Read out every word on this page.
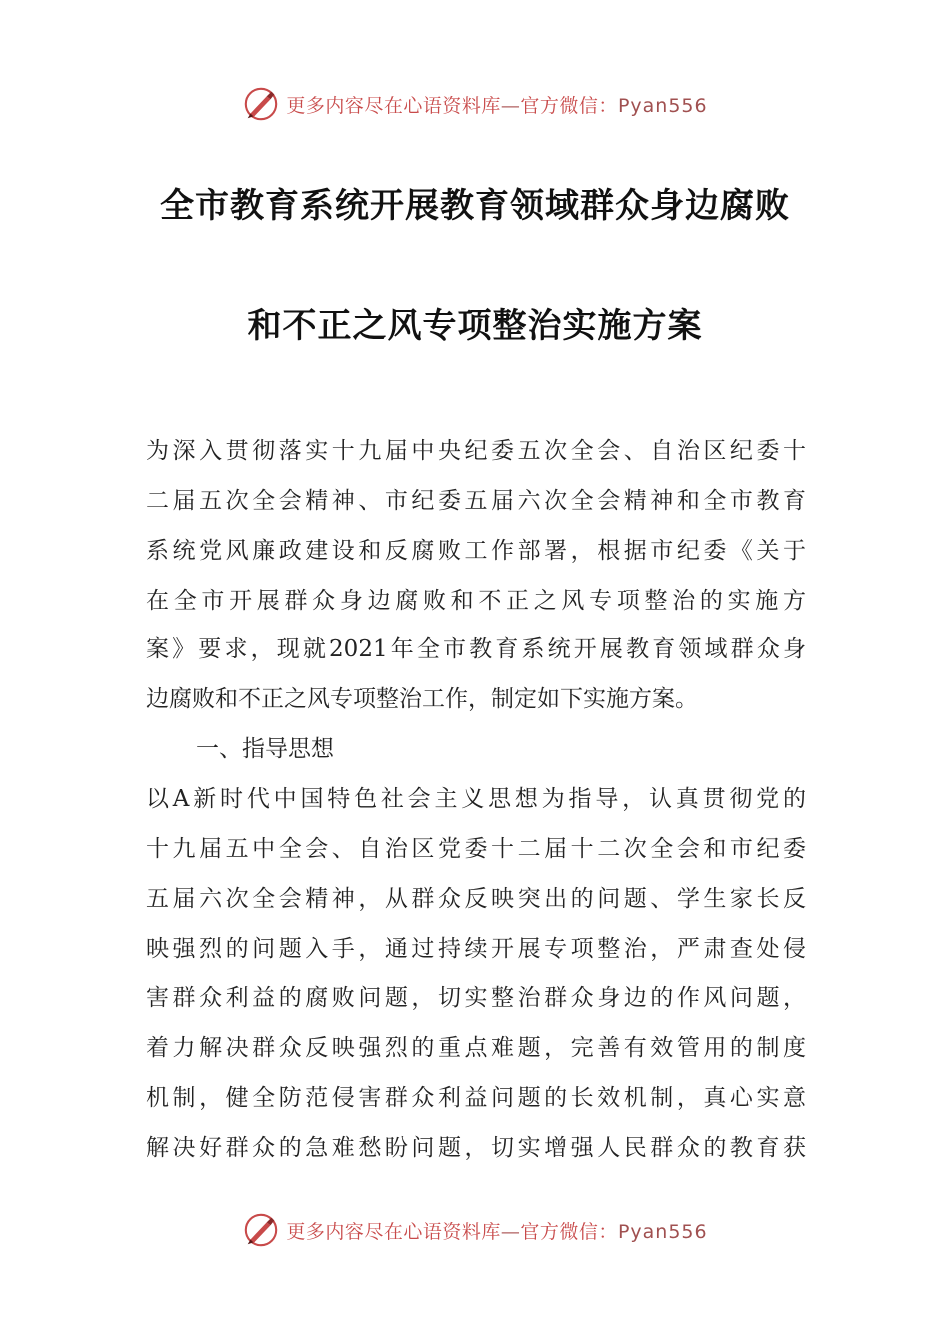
更多内容尽在心语资料库—官方微信：Pyan556
全市教育系统开展教育领域群众身边腐败
和不正之风专项整治实施方案
为深入贯彻落实十九届中央纪委五次全会、自治区纪委十
二届五次全会精神、市纪委五届六次全会精神和全市教育
系统党风廉政建设和反腐败工作部署，根据市纪委《关于
在全市开展群众身边腐败和不正之风专项整治的实施方
案》要求，现就2021年全市教育系统开展教育领域群众身
边腐败和不正之风专项整治工作，制定如下实施方案。
一、指导思想
以A新时代中国特色社会主义思想为指导，认真贯彻党的
十九届五中全会、自治区党委十二届十二次全会和市纪委
五届六次全会精神，从群众反映突出的问题、学生家长反
映强烈的问题入手，通过持续开展专项整治，严肃查处侵
害群众利益的腐败问题，切实整治群众身边的作风问题，
着力解决群众反映强烈的重点难题，完善有效管用的制度
机制，健全防范侵害群众利益问题的长效机制，真心实意
解决好群众的急难愁盼问题，切实增强人民群众的教育获
更多内容尽在心语资料库—官方微信：Pyan556
